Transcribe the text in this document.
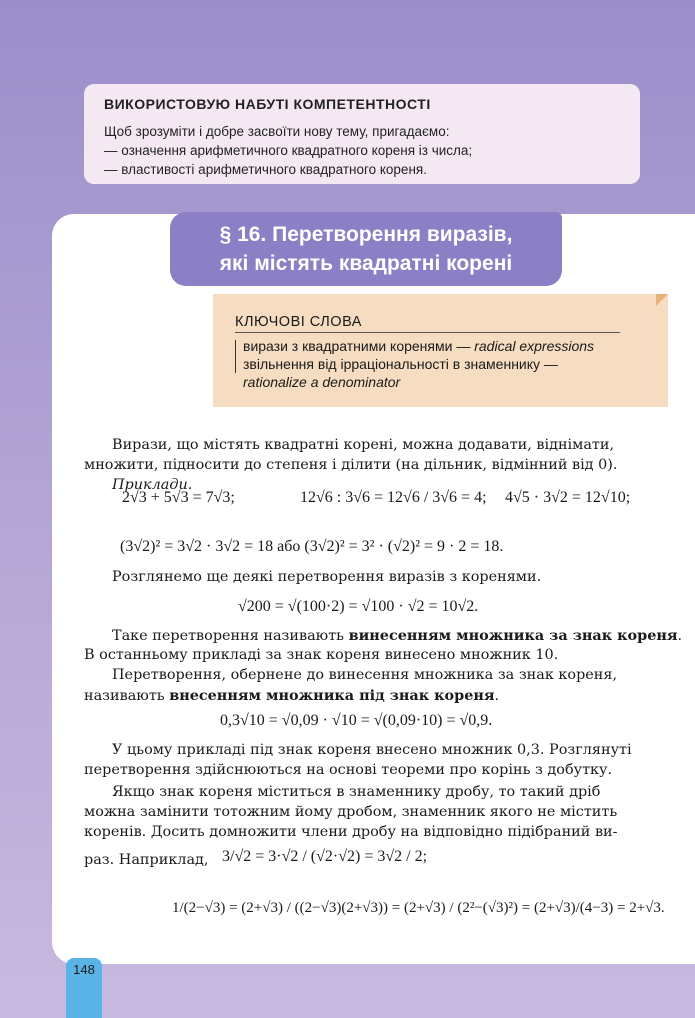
ВИКОРИСТОВУЮ НАБУТІ КОМПЕТЕНТНОСТІ
Щоб зрозуміти і добре засвоїти нову тему, пригадаємо:
— означення арифметичного квадратного кореня із числа;
— властивості арифметичного квадратного кореня.
§ 16. Перетворення виразів,
які містять квадратні корені
КЛЮЧОВІ СЛОВА
вирази з квадратними коренями — radical expressions
звільнення від ірраціональності в знаменнику —
rationalize a denominator
Вирази, що містять квадратні корені, можна додавати, віднімати,
множити, підносити до степеня і ділити (на дільник, відмінний від 0).
Приклади.
2√3 + 5√3 = 7√3;	12√6 : 3√6 = 12√6 / 3√6 = 4; 4√5 · 3√2 = 12√10;
(3√2)² = 3√2 · 3√2 = 18 або (3√2)² = 3² · (√2)² = 9 · 2 = 18.
Розглянемо ще деякі перетворення виразів з коренями.
√200 = √(100·2) = √100 · √2 = 10√2.
Таке перетворення називають винесенням множника за знак кореня.
В останньому прикладі за знак кореня винесено множник 10.
Перетворення, обернене до винесення множника за знак кореня,
називають внесенням множника під знак кореня.
0,3√10 = √0,09 · √10 = √(0,09·10) = √0,9.
У цьому прикладі під знак кореня внесено множник 0,3. Розглянуті
перетворення здійснюються на основі теореми про корінь з добутку.
Якщо знак кореня міститься в знаменнику дробу, то такий дріб
можна замінити тотожним йому дробом, знаменник якого не містить
коренів. Досить домножити члени дробу на відповідно підібраний ви-
раз. Наприклад, 3/√2 = 3·√2 / (√2·√2) = 3√2 / 2;
1/(2−√3) = (2+√3) / ((2−√3)(2+√3)) = (2+√3) / (2²−(√3)²) = (2+√3)/(4−3) = 2+√3.
148
